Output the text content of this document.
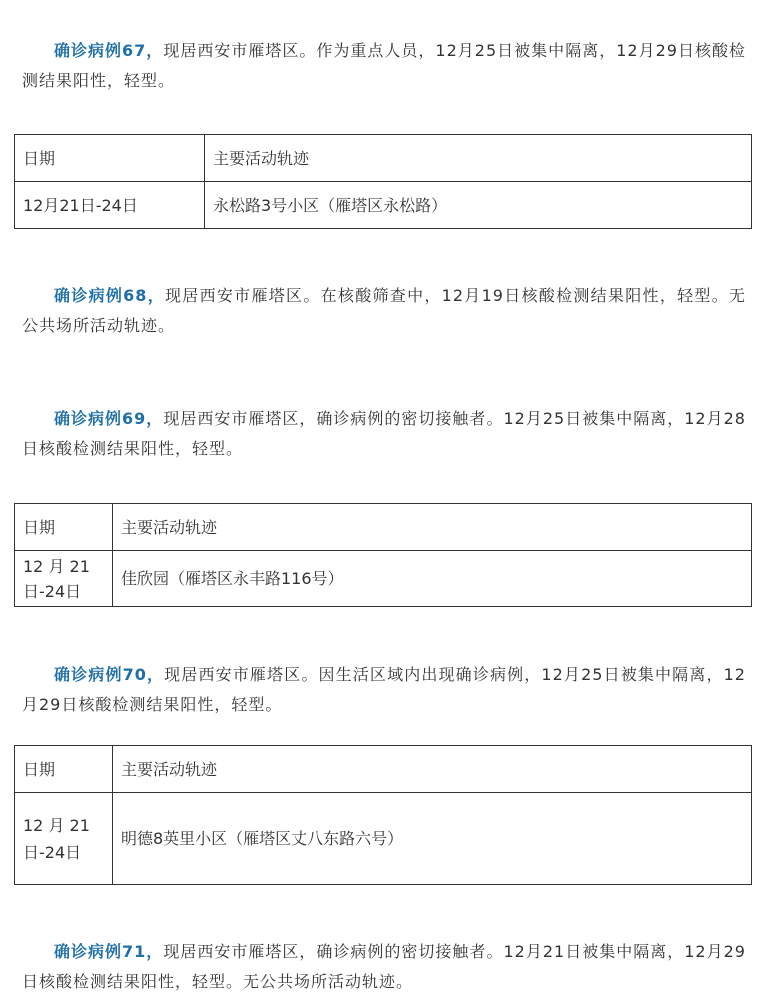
确诊病例67，现居西安市雁塔区。作为重点人员，12月25日被集中隔离，12月29日核酸检测结果阳性，轻型。

日期	主要活动轨迹
12月21日-24日	永松路3号小区（雁塔区永松路）

确诊病例68，现居西安市雁塔区。在核酸筛查中，12月19日核酸检测结果阳性，轻型。无公共场所活动轨迹。

确诊病例69，现居西安市雁塔区，确诊病例的密切接触者。12月25日被集中隔离，12月28日核酸检测结果阳性，轻型。

日期	主要活动轨迹
12 月 21 日-24日	佳欣园（雁塔区永丰路116号）

确诊病例70，现居西安市雁塔区。因生活区域内出现确诊病例，12月25日被集中隔离，12月29日核酸检测结果阳性，轻型。

日期	主要活动轨迹
12 月 21 日-24日	明德8英里小区（雁塔区丈八东路六号）

确诊病例71，现居西安市雁塔区，确诊病例的密切接触者。12月21日被集中隔离，12月29日核酸检测结果阳性，轻型。无公共场所活动轨迹。
